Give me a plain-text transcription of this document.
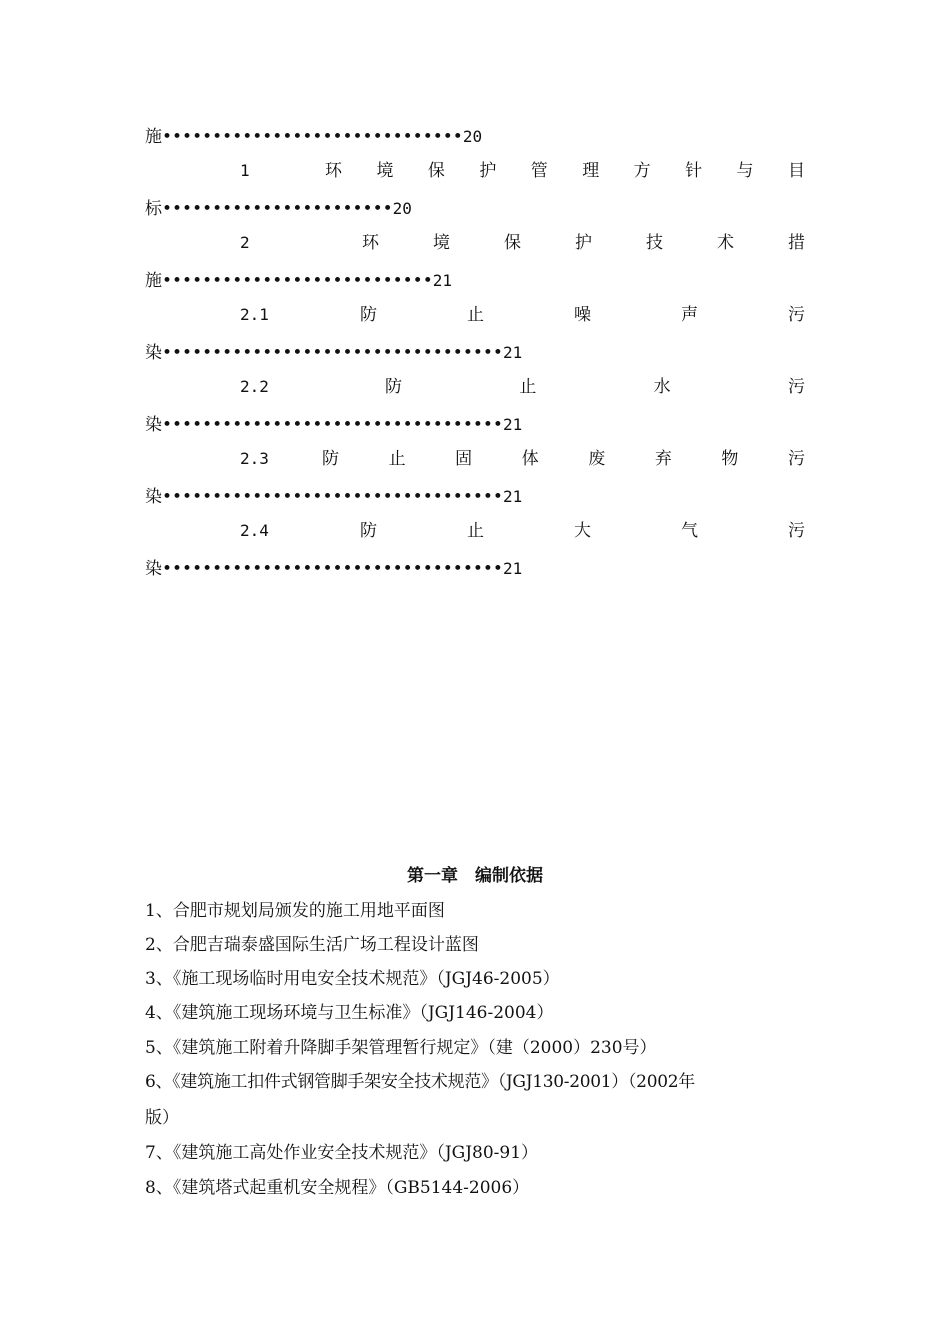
施••••••••••••••••••••••••••••••20
1	环 境 保 护 管 理 方 针 与 目
标•••••••••••••••••••••••20
2	环	境	保	护	技	术	措
施•••••••••••••••••••••••••••21
2.1	防	止	噪	声	污
染••••••••••••••••••••••••••••••••••21
2.2	防	止	水	污
染••••••••••••••••••••••••••••••••••21
2.3	防	止	固	体	废	弃	物	污
染••••••••••••••••••••••••••••••••••21
2.4	防	止	大	气	污
染••••••••••••••••••••••••••••••••••21
第一章　编制依据
1、合肥市规划局颁发的施工用地平面图
2、合肥吉瑞泰盛国际生活广场工程设计蓝图
3、《施工现场临时用电安全技术规范》（JGJ46-2005）
4、《建筑施工现场环境与卫生标准》（JGJ146-2004）
5、《建筑施工附着升降脚手架管理暂行规定》（建（2000）230号）
6、《建筑施工扣件式钢管脚手架安全技术规范》（JGJ130-2001）（2002年
版）
7、《建筑施工高处作业安全技术规范》（JGJ80-91）
8、《建筑塔式起重机安全规程》（GB5144-2006）
